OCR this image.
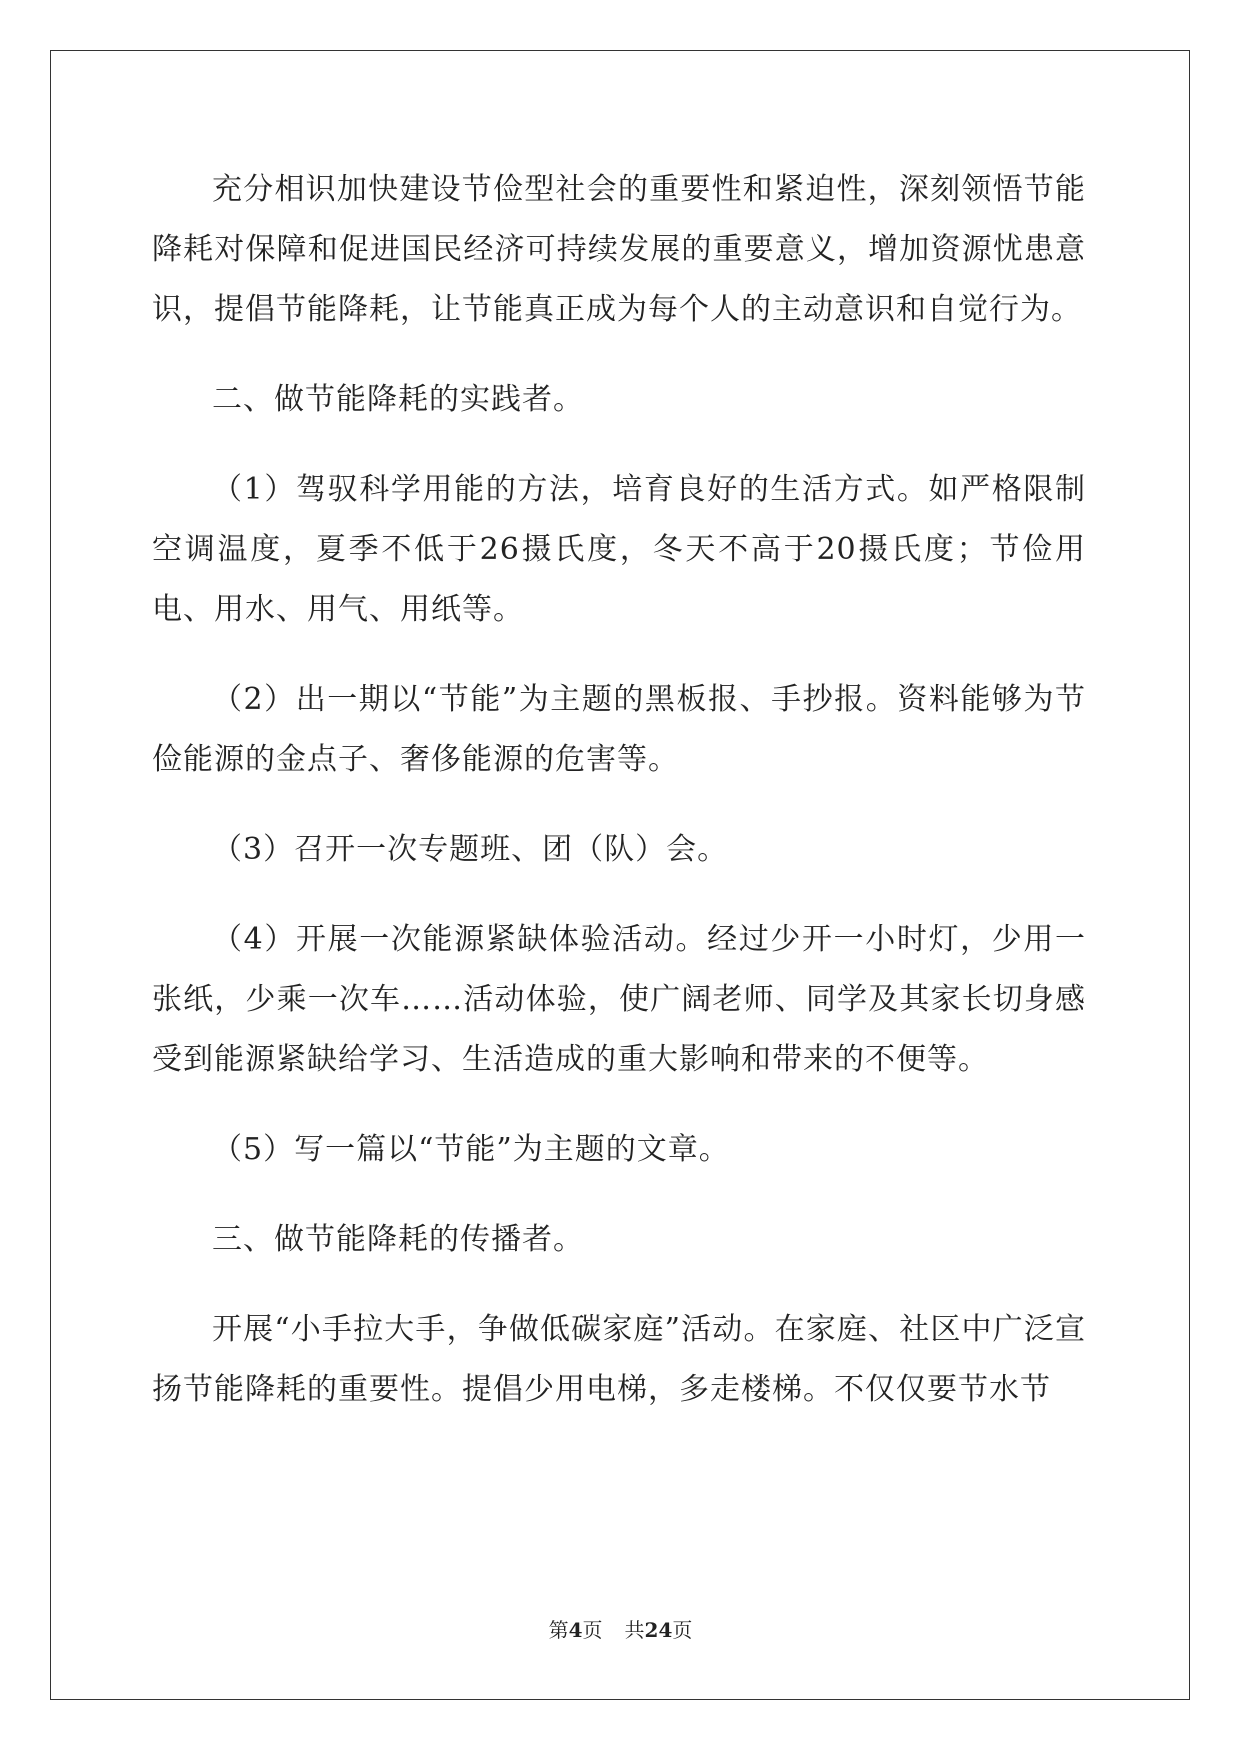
充分相识加快建设节俭型社会的重要性和紧迫性，深刻领悟节能降耗对保障和促进国民经济可持续发展的重要意义，增加资源忧患意识，提倡节能降耗，让节能真正成为每个人的主动意识和自觉行为。

二、做节能降耗的实践者。

（1）驾驭科学用能的方法，培育良好的生活方式。如严格限制空调温度，夏季不低于26摄氏度，冬天不高于20摄氏度；节俭用电、用水、用气、用纸等。

（2）出一期以“节能”为主题的黑板报、手抄报。资料能够为节俭能源的金点子、奢侈能源的危害等。

（3）召开一次专题班、团（队）会。

（4）开展一次能源紧缺体验活动。经过少开一小时灯，少用一张纸，少乘一次车……活动体验，使广阔老师、同学及其家长切身感受到能源紧缺给学习、生活造成的重大影响和带来的不便等。

（5）写一篇以“节能”为主题的文章。

三、做节能降耗的传播者。

开展“小手拉大手，争做低碳家庭”活动。在家庭、社区中广泛宣扬节能降耗的重要性。提倡少用电梯，多走楼梯。不仅仅要节水节

第4页 共24页
